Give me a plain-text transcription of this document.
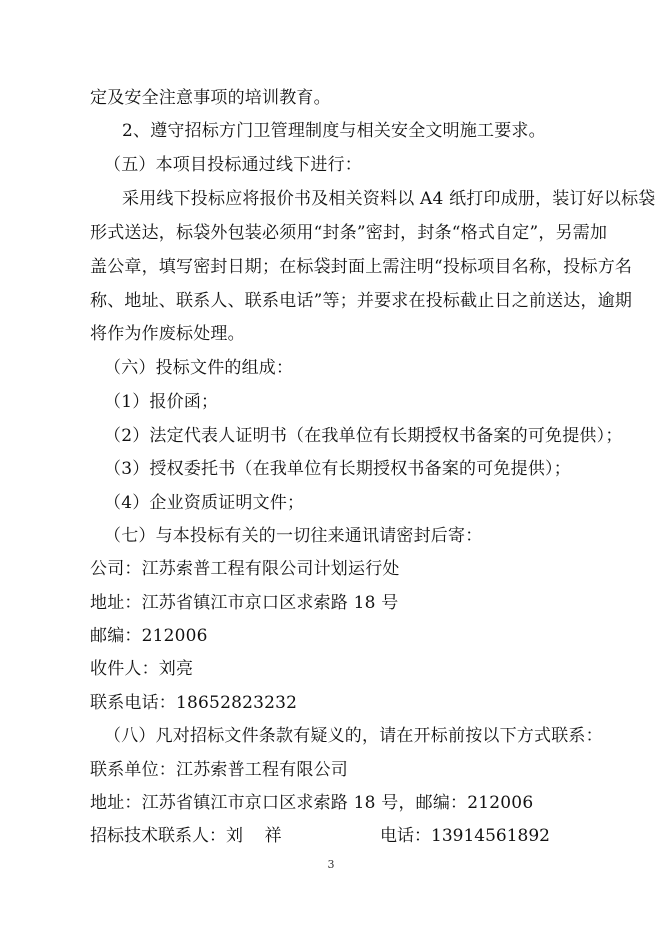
定及安全注意事项的培训教育。
2、遵守招标方门卫管理制度与相关安全文明施工要求。
（五）本项目投标通过线下进行：
采用线下投标应将报价书及相关资料以 A4 纸打印成册，装订好以标袋
形式送达，标袋外包装必须用“封条”密封，封条“格式自定”，另需加
盖公章，填写密封日期；在标袋封面上需注明“投标项目名称，投标方名
称、地址、联系人、联系电话”等；并要求在投标截止日之前送达，逾期
将作为作废标处理。
（六）投标文件的组成：
（1）报价函；
（2）法定代表人证明书（在我单位有长期授权书备案的可免提供）；
（3）授权委托书（在我单位有长期授权书备案的可免提供）；
（4）企业资质证明文件；
（七）与本投标有关的一切往来通讯请密封后寄：
公司：江苏索普工程有限公司计划运行处
地址：江苏省镇江市京口区求索路 18 号
邮编：212006
收件人：刘亮
联系电话：18652823232
（八）凡对招标文件条款有疑义的，请在开标前按以下方式联系：
联系单位：江苏索普工程有限公司
地址：江苏省镇江市京口区求索路 18 号，邮编：212006
招标技术联系人：刘    祥	电话：13914561892
3
